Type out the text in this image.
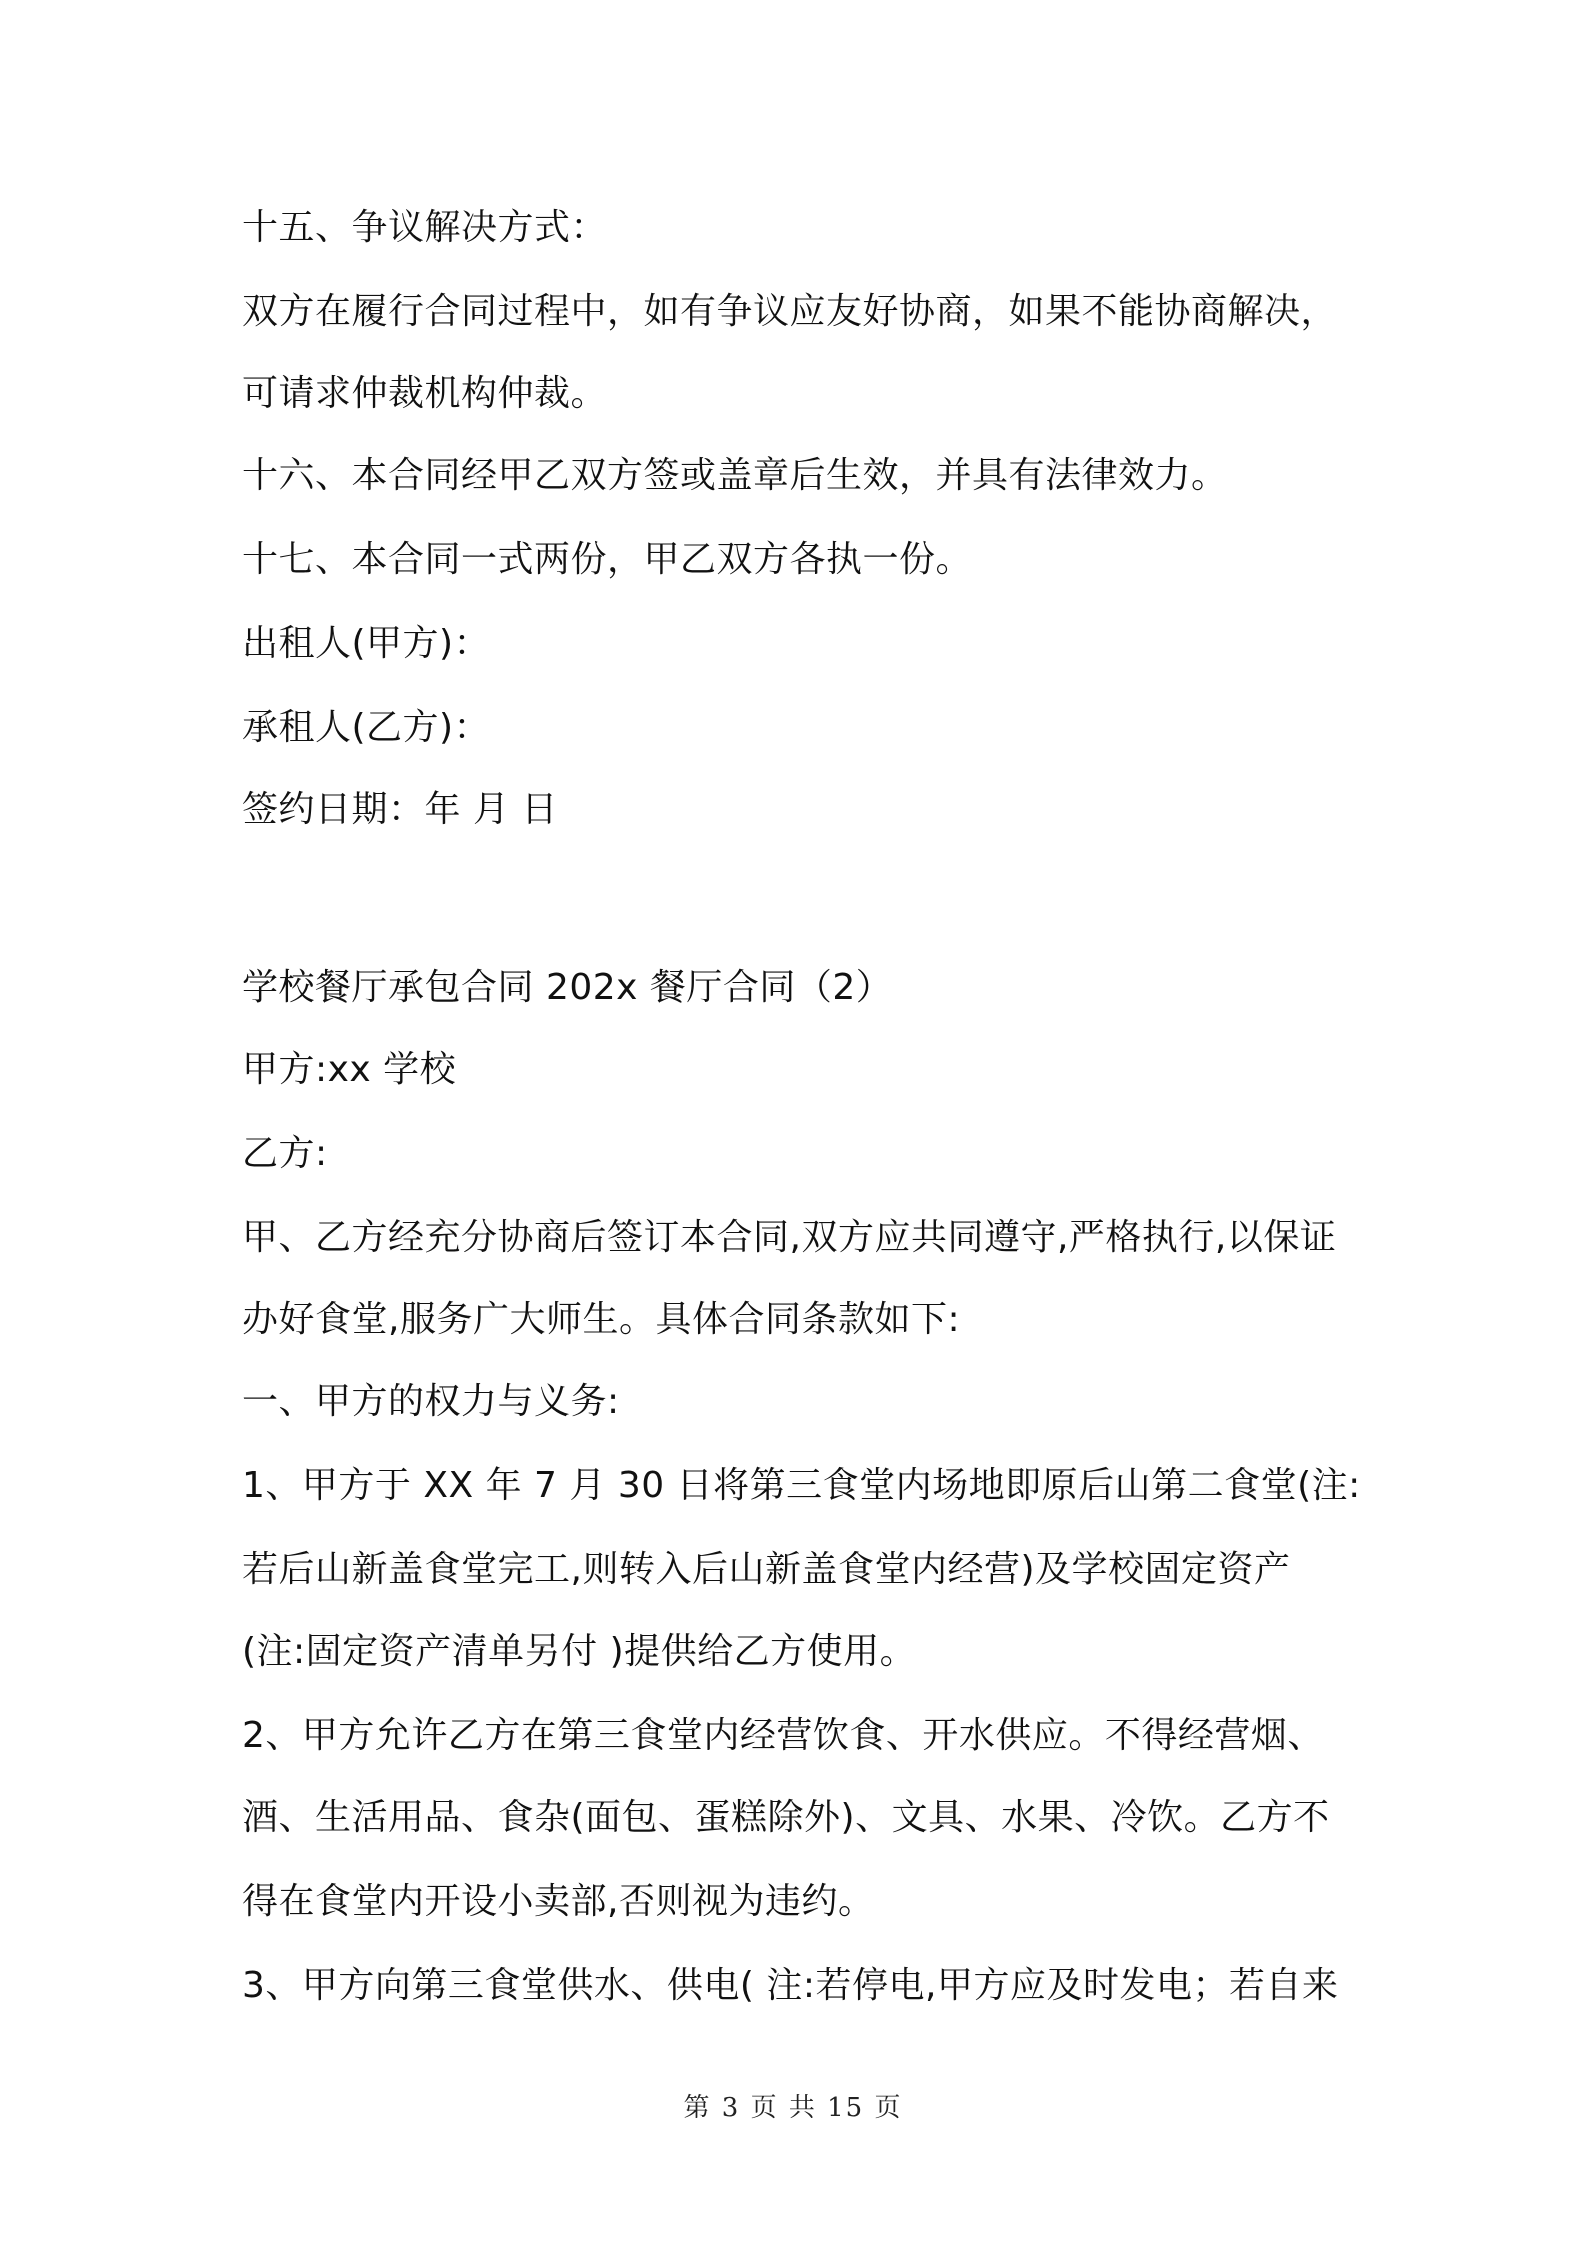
十五、争议解决方式：
双方在履行合同过程中，如有争议应友好协商，如果不能协商解决，
可请求仲裁机构仲裁。
十六、本合同经甲乙双方签或盖章后生效，并具有法律效力。
十七、本合同一式两份，甲乙双方各执一份。
出租人(甲方)：
承租人(乙方)：
签约日期：年 月 日
学校餐厅承包合同 202x 餐厅合同（2）
甲方:xx 学校
乙方:
甲、乙方经充分协商后签订本合同,双方应共同遵守,严格执行,以保证
办好食堂,服务广大师生。具体合同条款如下:
一、甲方的权力与义务:
1、甲方于 XX 年 7 月 30 日将第三食堂内场地即原后山第二食堂(注:
若后山新盖食堂完工,则转入后山新盖食堂内经营)及学校固定资产
(注:固定资产清单另付 )提供给乙方使用。
2、甲方允许乙方在第三食堂内经营饮食、开水供应。不得经营烟、
酒、生活用品、食杂(面包、蛋糕除外)、文具、水果、冷饮。乙方不
得在食堂内开设小卖部,否则视为违约。
3、甲方向第三食堂供水、供电( 注:若停电,甲方应及时发电；若自来
第 3 页 共 15 页
